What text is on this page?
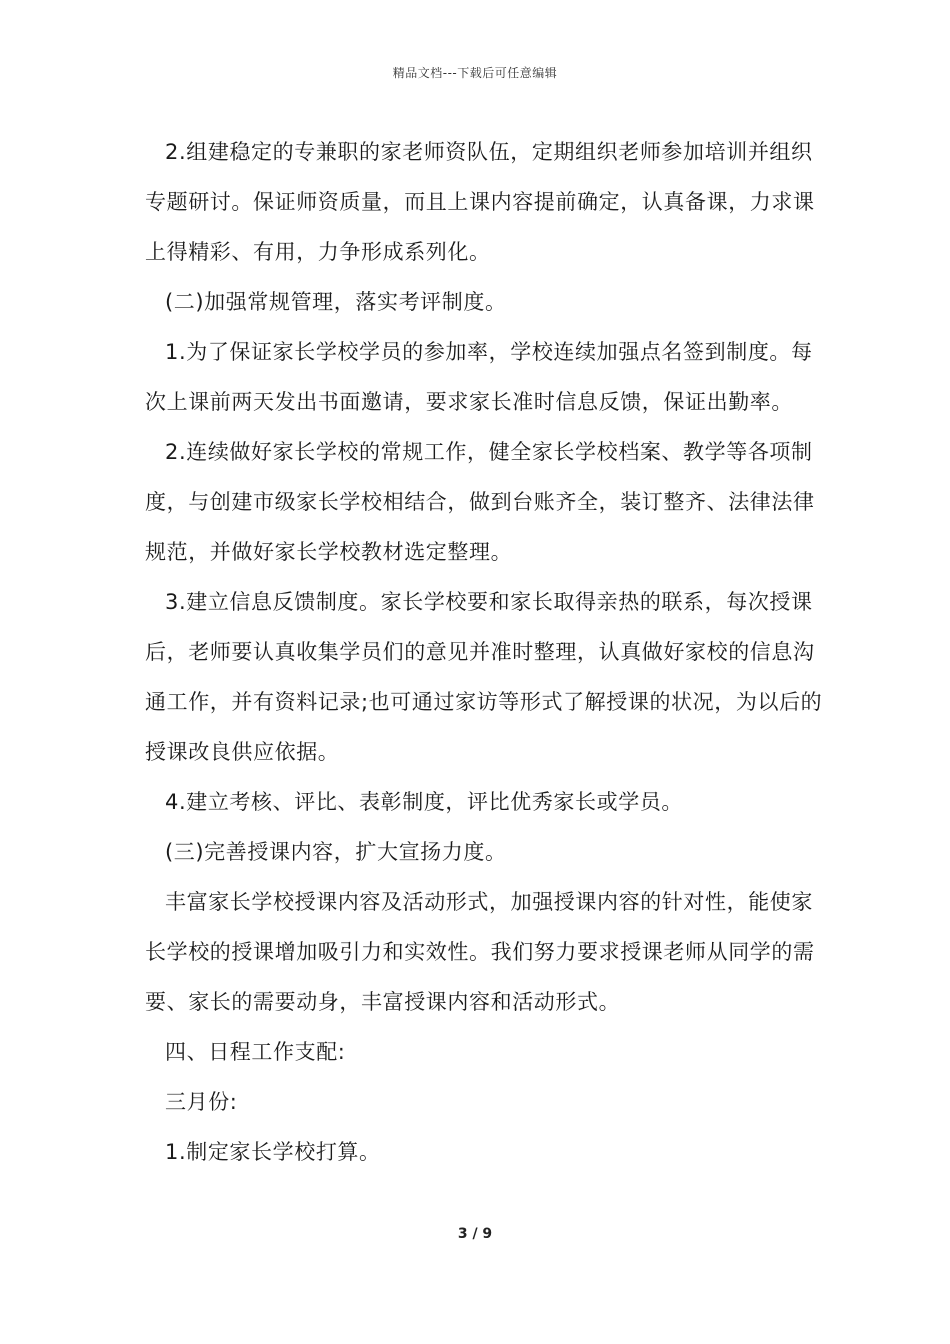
精品文档---下载后可任意编辑

2.组建稳定的专兼职的家老师资队伍，定期组织老师参加培训并组织专题研讨。保证师资质量，而且上课内容提前确定，认真备课，力求课上得精彩、有用，力争形成系列化。

(二)加强常规管理，落实考评制度。

1.为了保证家长学校学员的参加率，学校连续加强点名签到制度。每次上课前两天发出书面邀请，要求家长准时信息反馈，保证出勤率。

2.连续做好家长学校的常规工作，健全家长学校档案、教学等各项制度，与创建市级家长学校相结合，做到台账齐全，装订整齐、法律法律规范，并做好家长学校教材选定整理。

3.建立信息反馈制度。家长学校要和家长取得亲热的联系，每次授课后，老师要认真收集学员们的意见并准时整理，认真做好家校的信息沟通工作，并有资料记录;也可通过家访等形式了解授课的状况，为以后的授课改良供应依据。

4.建立考核、评比、表彰制度，评比优秀家长或学员。

(三)完善授课内容，扩大宣扬力度。

丰富家长学校授课内容及活动形式，加强授课内容的针对性，能使家长学校的授课增加吸引力和实效性。我们努力要求授课老师从同学的需要、家长的需要动身，丰富授课内容和活动形式。

四、日程工作支配:

三月份:

1.制定家长学校打算。

3 / 9
